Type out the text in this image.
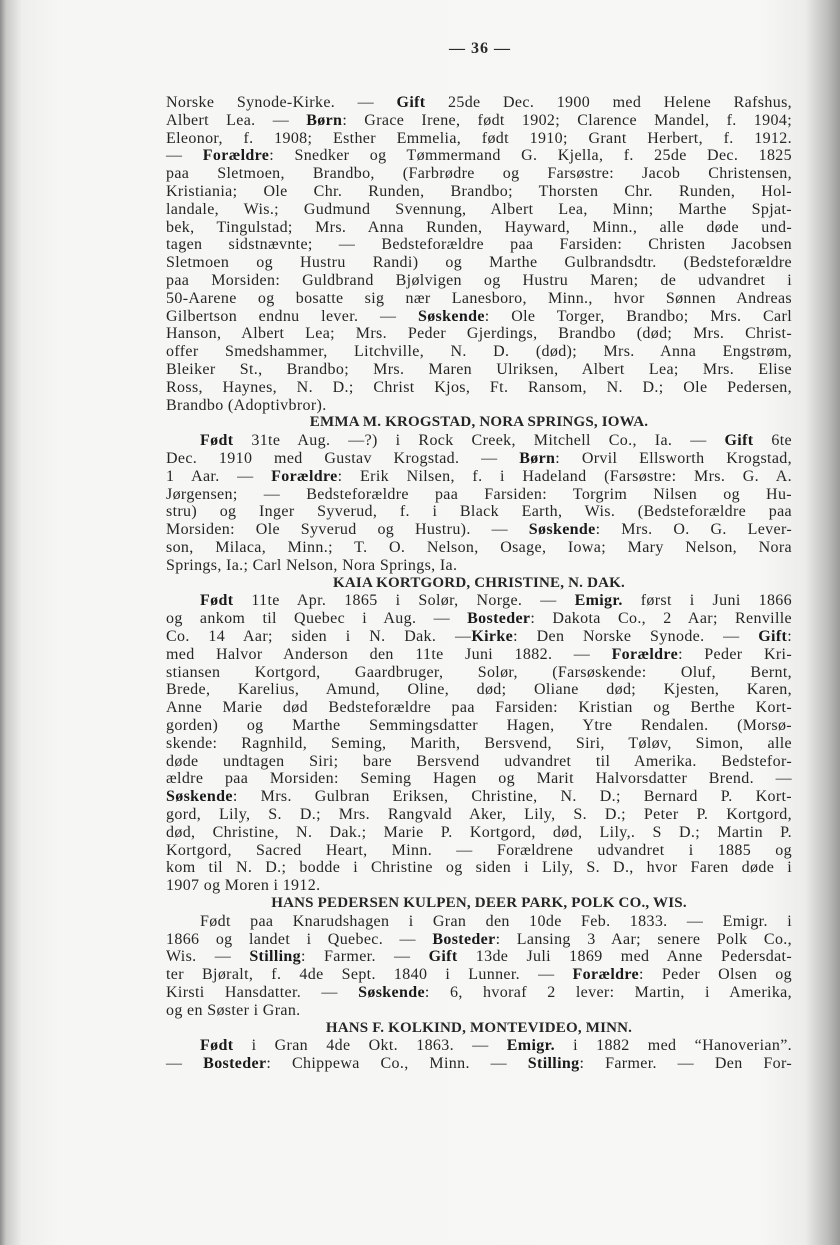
— 36 —
Norske Synode-Kirke. — Gift 25de Dec. 1900 med Helene Rafshus,
Albert Lea. — Børn: Grace Irene, født 1902; Clarence Mandel, f. 1904;
Eleonor, f. 1908; Esther Emmelia, født 1910; Grant Herbert, f. 1912.
— Forældre: Snedker og Tømmermand G. Kjella, f. 25de Dec. 1825
paa Sletmoen, Brandbo, (Farbrødre og Farsøstre: Jacob Christensen,
Kristiania; Ole Chr. Runden, Brandbo; Thorsten Chr. Runden, Hol-
landale, Wis.; Gudmund Svennung, Albert Lea, Minn; Marthe Spjat-
bek, Tingulstad; Mrs. Anna Runden, Hayward, Minn., alle døde und-
tagen sidstnævnte; — Bedsteforældre paa Farsiden: Christen Jacobsen
Sletmoen og Hustru Randi) og Marthe Gulbrandsdtr. (Bedsteforældre
paa Morsiden: Guldbrand Bjølvigen og Hustru Maren; de udvandret i
50-Aarene og bosatte sig nær Lanesboro, Minn., hvor Sønnen Andreas
Gilbertson endnu lever. — Søskende: Ole Torger, Brandbo; Mrs. Carl
Hanson, Albert Lea; Mrs. Peder Gjerdings, Brandbo (død; Mrs. Christ-
offer Smedshammer, Litchville, N. D. (død); Mrs. Anna Engstrøm,
Bleiker St., Brandbo; Mrs. Maren Ulriksen, Albert Lea; Mrs. Elise
Ross, Haynes, N. D.; Christ Kjos, Ft. Ransom, N. D.; Ole Pedersen,
Brandbo (Adoptivbror).
EMMA M. KROGSTAD, NORA SPRINGS, IOWA.
Født 31te Aug. —?) i Rock Creek, Mitchell Co., Ia. — Gift 6te
Dec. 1910 med Gustav Krogstad. — Børn: Orvil Ellsworth Krogstad,
1 Aar. — Forældre: Erik Nilsen, f. i Hadeland (Farsøstre: Mrs. G. A.
Jørgensen; — Bedsteforældre paa Farsiden: Torgrim Nilsen og Hu-
stru) og Inger Syverud, f. i Black Earth, Wis. (Bedsteforældre paa
Morsiden: Ole Syverud og Hustru). — Søskende: Mrs. O. G. Lever-
son, Milaca, Minn.; T. O. Nelson, Osage, Iowa; Mary Nelson, Nora
Springs, Ia.; Carl Nelson, Nora Springs, Ia.
KAIA KORTGORD, CHRISTINE, N. DAK.
Født 11te Apr. 1865 i Solør, Norge. — Emigr. først i Juni 1866
og ankom til Quebec i Aug. — Bosteder: Dakota Co., 2 Aar; Renville
Co. 14 Aar; siden i N. Dak. —Kirke: Den Norske Synode. — Gift:
med Halvor Anderson den 11te Juni 1882. — Forældre: Peder Kri-
stiansen Kortgord, Gaardbruger, Solør, (Farsøskende: Oluf, Bernt,
Brede, Karelius, Amund, Oline, død; Oliane død; Kjesten, Karen,
Anne Marie død Bedsteforældre paa Farsiden: Kristian og Berthe Kort-
gorden) og Marthe Semmingsdatter Hagen, Ytre Rendalen. (Morsø-
skende: Ragnhild, Seming, Marith, Bersvend, Siri, Tøløv, Simon, alle
døde undtagen Siri; bare Bersvend udvandret til Amerika. Bedstefor-
ældre paa Morsiden: Seming Hagen og Marit Halvorsdatter Brend. —
Søskende: Mrs. Gulbran Eriksen, Christine, N. D.; Bernard P. Kort-
gord, Lily, S. D.; Mrs. Rangvald Aker, Lily, S. D.; Peter P. Kortgord,
død, Christine, N. Dak.; Marie P. Kortgord, død, Lily,. S D.; Martin P.
Kortgord, Sacred Heart, Minn. — Forældrene udvandret i 1885 og
kom til N. D.; bodde i Christine og siden i Lily, S. D., hvor Faren døde i
1907 og Moren i 1912.
HANS PEDERSEN KULPEN, DEER PARK, POLK CO., WIS.
Født paa Knarudshagen i Gran den 10de Feb. 1833. — Emigr. i
1866 og landet i Quebec. — Bosteder: Lansing 3 Aar; senere Polk Co.,
Wis. — Stilling: Farmer. — Gift 13de Juli 1869 med Anne Pedersdat-
ter Bjøralt, f. 4de Sept. 1840 i Lunner. — Forældre: Peder Olsen og
Kirsti Hansdatter. — Søskende: 6, hvoraf 2 lever: Martin, i Amerika,
og en Søster i Gran.
HANS F. KOLKIND, MONTEVIDEO, MINN.
Født i Gran 4de Okt. 1863. — Emigr. i 1882 med “Hanoverian”.
— Bosteder: Chippewa Co., Minn. — Stilling: Farmer. — Den For-
